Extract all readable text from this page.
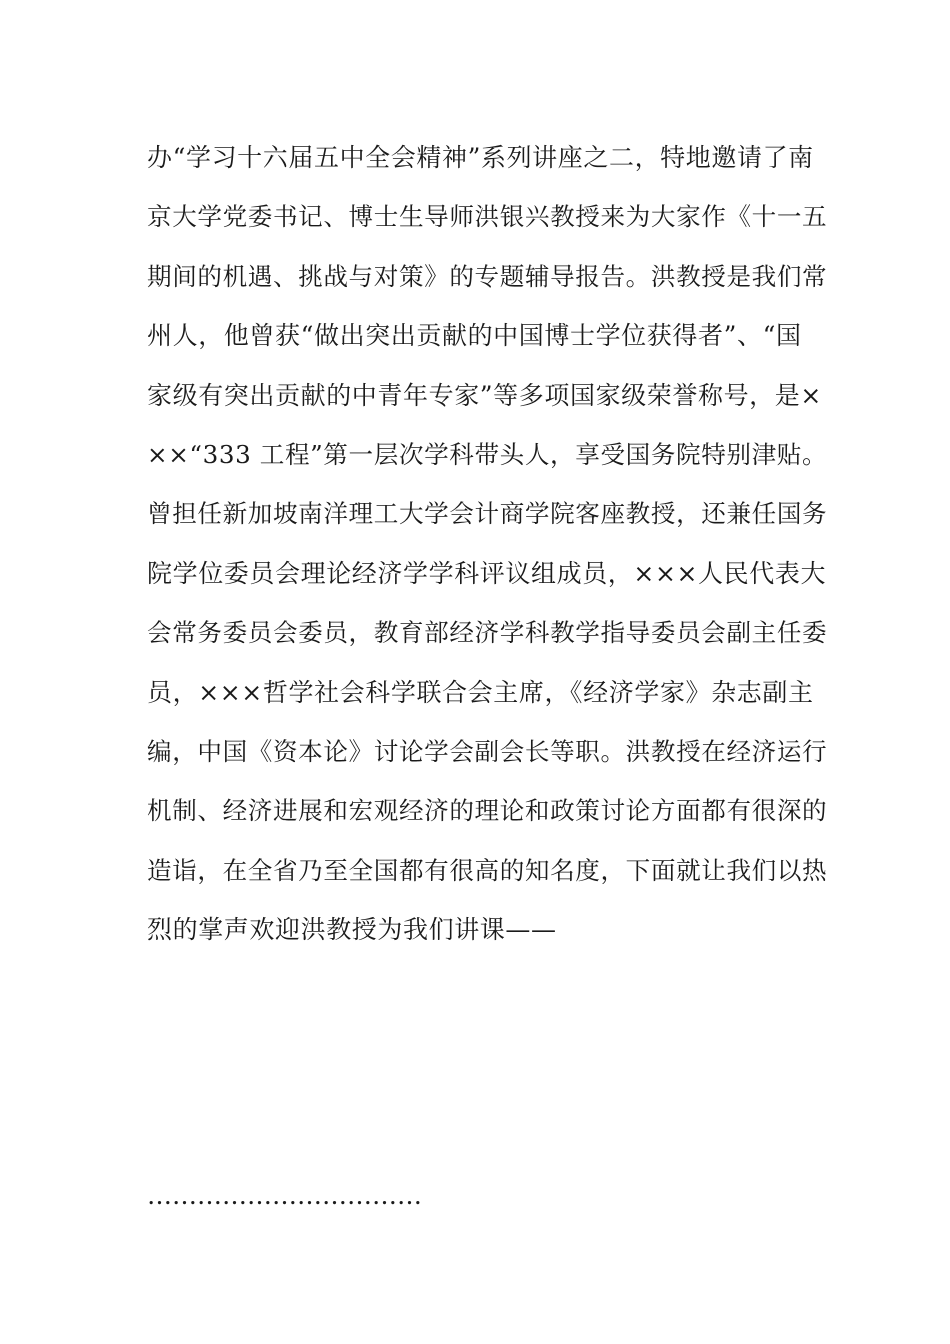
办“学习十六届五中全会精神”系列讲座之二，特地邀请了南
京大学党委书记、博士生导师洪银兴教授来为大家作《十一五
期间的机遇、挑战与对策》的专题辅导报告。洪教授是我们常
州人，他曾获“做出突出贡献的中国博士学位获得者”、“国
家级有突出贡献的中青年专家”等多项国家级荣誉称号，是×
××“333 工程”第一层次学科带头人，享受国务院特别津贴。
曾担任新加坡南洋理工大学会计商学院客座教授，还兼任国务
院学位委员会理论经济学学科评议组成员，×××人民代表大
会常务委员会委员，教育部经济学科教学指导委员会副主任委
员，×××哲学社会科学联合会主席，《经济学家》杂志副主
编，中国《资本论》讨论学会副会长等职。洪教授在经济运行
机制、经济进展和宏观经济的理论和政策讨论方面都有很深的
造诣，在全省乃至全国都有很高的知名度，下面就让我们以热
烈的掌声欢迎洪教授为我们讲课——
……………………………
